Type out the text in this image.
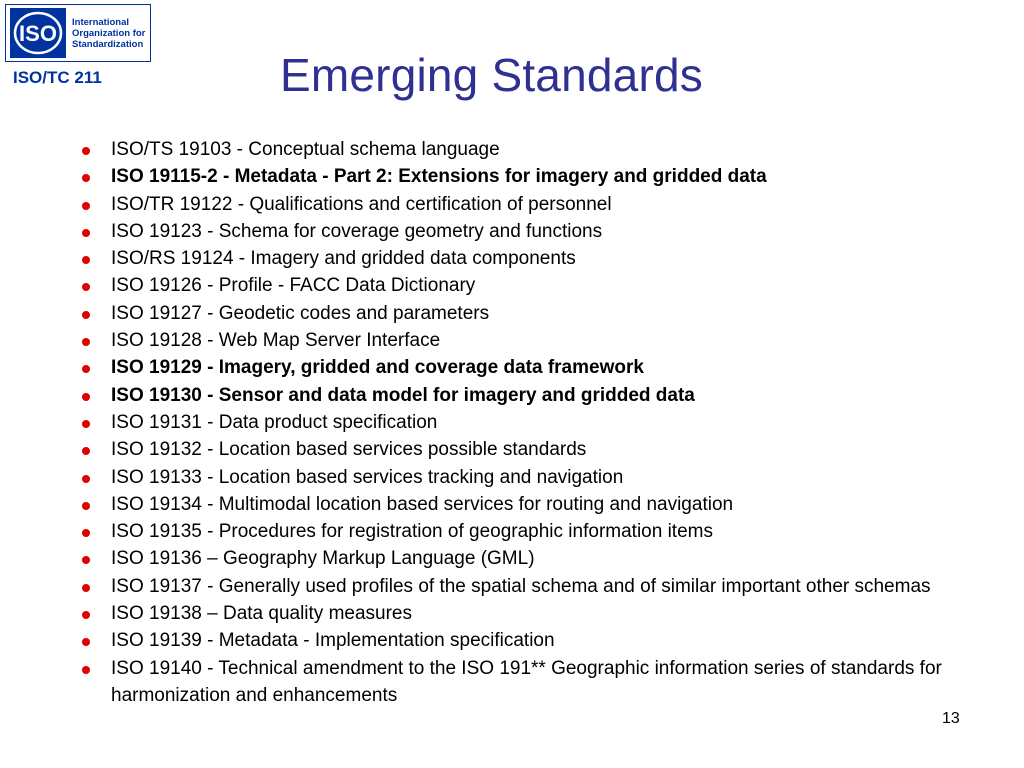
ISO International
Organization for
Standardization
ISO/TC 211	Emerging Standards
ISO/TS 19103 - Conceptual schema language
ISO 19115-2 - Metadata - Part 2: Extensions for imagery and gridded data
ISO/TR 19122 - Qualifications and certification of personnel
ISO 19123 - Schema for coverage geometry and functions
ISO/RS 19124 - Imagery and gridded data components
ISO 19126 - Profile - FACC Data Dictionary
ISO 19127 - Geodetic codes and parameters
ISO 19128 - Web Map Server Interface
ISO 19129 - Imagery, gridded and coverage data framework
ISO 19130 - Sensor and data model for imagery and gridded data
ISO 19131 - Data product specification
ISO 19132 - Location based services possible standards
ISO 19133 - Location based services tracking and navigation
ISO 19134 - Multimodal location based services for routing and navigation
ISO 19135 - Procedures for registration of geographic information items
ISO 19136 – Geography Markup Language (GML)
ISO 19137 - Generally used profiles of the spatial schema and of similar important other schemas
ISO 19138 – Data quality measures
ISO 19139 - Metadata - Implementation specification
ISO 19140 - Technical amendment to the ISO 191** Geographic information series of standards for harmonization and enhancements
13
